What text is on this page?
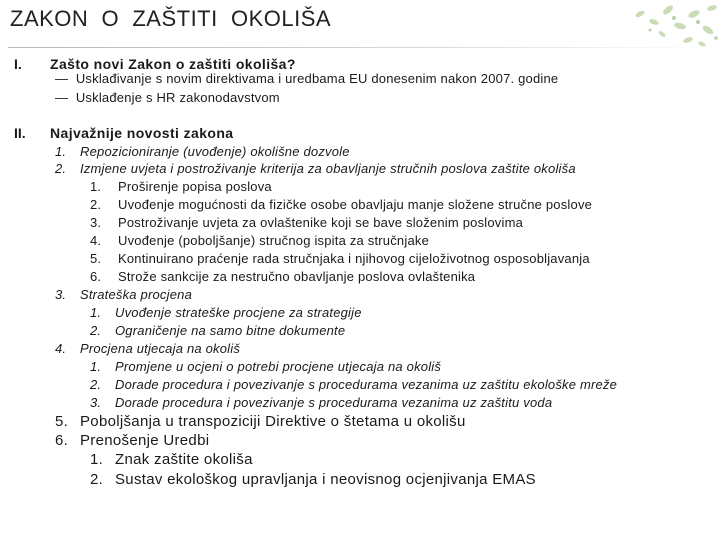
ZAKON  O  ZAŠTITI  OKOLIŠA
I. Zašto novi Zakon o zaštiti okoliša?
— Usklađivanje s novim direktivama i uredbama EU donesenim nakon 2007. godine
— Usklađenje s HR zakonodavstvom
II. Najvažnije novosti zakona
1. Repozicioniranje (uvođenje) okolišne dozvole
2. Izmjene uvjeta i postroživanje kriterija za obavljanje stručnih poslova zaštite okoliša
1. Proširenje popisa poslova
2. Uvođenje mogućnosti da fizičke osobe obavljaju manje složene stručne poslove
3. Postroživanje uvjeta za ovlaštenike koji se bave složenim poslovima
4. Uvođenje (poboljšanje) stručnog ispita za stručnjake
5. Kontinuirano praćenje rada stručnjaka i njihovog cijeloživotnog osposobljavanja
6. Strože sankcije za nestručno obavljanje poslova ovlaštenika
3. Strateška procjena
1. Uvođenje strateške procjene za strategije
2. Ograničenje na samo bitne dokumente
4. Procjena utjecaja na okoliš
1. Promjene u ocjeni o potrebi procjene utjecaja na okoliš
2. Dorade procedura i povezivanje s procedurama vezanima uz zaštitu ekološke mreže
3. Dorade procedura i povezivanje s procedurama vezanima uz zaštitu voda
5. Poboljšanja u transpoziciji Direktive o štetama u okolišu
6. Prenošenje Uredbi
1. Znak zaštite okoliša
2. Sustav ekološkog upravljanja i neovisnog ocjenjivanja EMAS
